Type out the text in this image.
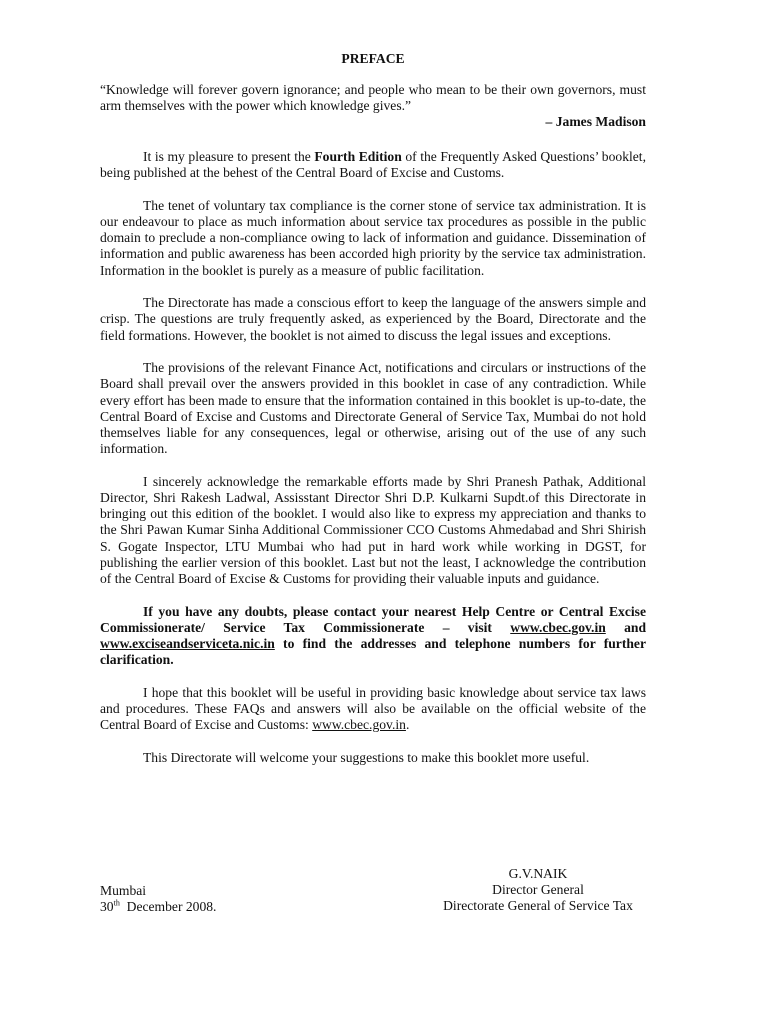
PREFACE

“Knowledge will forever govern ignorance; and people who mean to be their own governors, must arm themselves with the power which knowledge gives.”

– James Madison

It is my pleasure to present the Fourth Edition of the Frequently Asked Questions’ booklet, being published at the behest of the Central Board of Excise and Customs.

The tenet of voluntary tax compliance is the corner stone of service tax administration. It is our endeavour to place as much information about service tax procedures as possible in the public domain to preclude a non-compliance owing to lack of information and guidance. Dissemination of information and public awareness has been accorded high priority by the service tax administration. Information in the booklet is purely as a measure of public facilitation.

The Directorate has made a conscious effort to keep the language of the answers simple and crisp. The questions are truly frequently asked, as experienced by the Board, Directorate and the field formations. However, the booklet is not aimed to discuss the legal issues and exceptions.

The provisions of the relevant Finance Act, notifications and circulars or instructions of the Board shall prevail over the answers provided in this booklet in case of any contradiction. While every effort has been made to ensure that the information contained in this booklet is up-to-date, the Central Board of Excise and Customs and Directorate General of Service Tax, Mumbai do not hold themselves liable for any consequences, legal or otherwise, arising out of the use of any such information.

I sincerely acknowledge the remarkable efforts made by Shri Pranesh Pathak, Additional Director, Shri Rakesh Ladwal, Assisstant Director Shri D.P. Kulkarni Supdt.of this Directorate in bringing out this edition of the booklet. I would also like to express my appreciation and thanks to the Shri Pawan Kumar Sinha Additional Commissioner CCO Customs Ahmedabad and Shri Shirish S. Gogate Inspector, LTU Mumbai who had put in hard work while working in DGST, for publishing the earlier version of this booklet. Last but not the least, I acknowledge the contribution of the Central Board of Excise & Customs for providing their valuable inputs and guidance.

If you have any doubts, please contact your nearest Help Centre or Central Excise Commissionerate/ Service Tax Commissionerate – visit www.cbec.gov.in and www.exciseandserviceta.nic.in to find the addresses and telephone numbers for further clarification.

I hope that this booklet will be useful in providing basic knowledge about service tax laws and procedures. These FAQs and answers will also be available on the official website of the Central Board of Excise and Customs: www.cbec.gov.in.

This Directorate will welcome your suggestions to make this booklet more useful.

Mumbai

30th  December 2008.

G.V.NAIK

Director General

Directorate General of Service Tax
